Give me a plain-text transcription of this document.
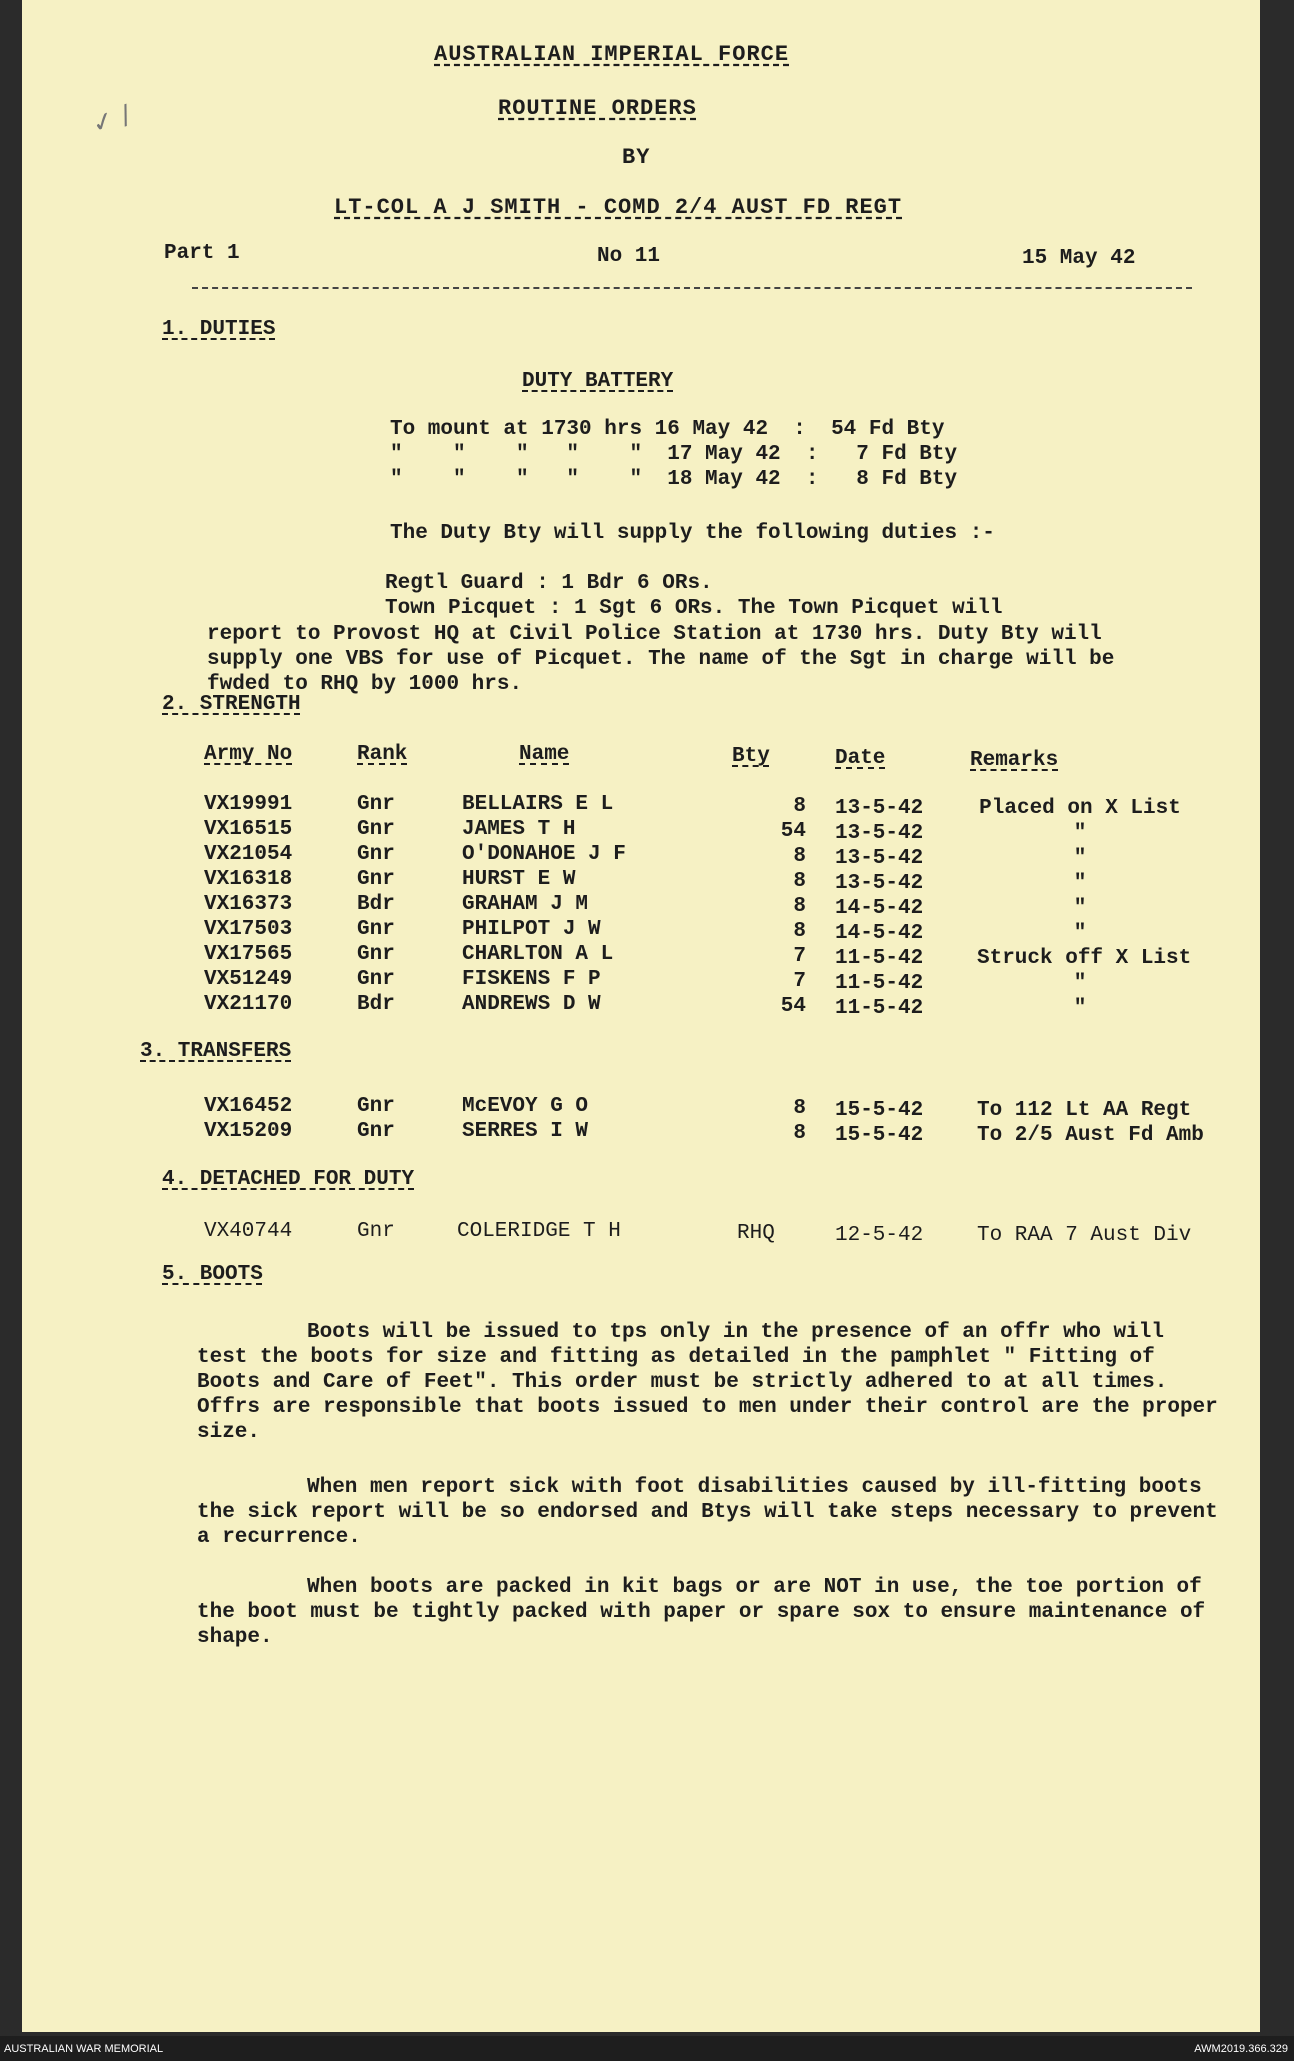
✓ /
AUSTRALIAN IMPERIAL FORCE
ROUTINE ORDERS
BY
LT-COL A J SMITH - COMD 2/4 AUST FD REGT
Part 1	No 11	15 May 42
1. DUTIES
DUTY BATTERY
To mount at 1730 hrs 16 May 42  :  54 Fd Bty
"    "    "   "    "  17 May 42  :   7 Fd Bty
"    "    "   "    "  18 May 42  :   8 Fd Bty
The Duty Bty will supply the following duties :-
Regtl Guard : 1 Bdr 6 ORs.
Town Picquet : 1 Sgt 6 ORs. The Town Picquet will
report to Provost HQ at Civil Police Station at 1730 hrs. Duty Bty will supply one VBS for use of Picquet. The name of the Sgt in charge will be fwded to RHQ by 1000 hrs.
2. STRENGTH
Army No	Rank	Name	Bty	Date	Remarks
VX19991	Gnr	BELLAIRS E L	8 13-5-42	Placed on X List
VX16515	Gnr	JAMES T H	54 13-5-42	"
VX21054	Gnr	O'DONAHOE J F	8 13-5-42	"
VX16318	Gnr	HURST E W	8 13-5-42	"
VX16373	Bdr	GRAHAM J M	8 14-5-42	"
VX17503	Gnr	PHILPOT J W	8 14-5-42	"
VX17565	Gnr	CHARLTON A L	7 11-5-42	Struck off X List
VX51249	Gnr	FISKENS F P	7 11-5-42	"
VX21170	Bdr	ANDREWS D W	54 11-5-42	"
3. TRANSFERS
VX16452	Gnr	McEVOY G O	8 15-5-42	To 112 Lt AA Regt
VX15209	Gnr	SERRES I W	8 15-5-42	To 2/5 Aust Fd Amb
4. DETACHED FOR DUTY
VX40744	Gnr	COLERIDGE T H	RHQ	12-5-42	To RAA 7 Aust Div
5. BOOTS
Boots will be issued to tps only in the presence of an offr who will test the boots for size and fitting as detailed in the pamphlet " Fitting of Boots and Care of Feet". This order must be strictly adhered to at all times. Offrs are responsible that boots issued to men under their control are the proper size.
When men report sick with foot disabilities caused by ill-fitting boots the sick report will be so endorsed and Btys will take steps necessary to prevent a recurrence.
When boots are packed in kit bags or are NOT in use, the toe portion of the boot must be tightly packed with paper or spare sox to ensure maintenance of shape.
AUSTRALIAN WAR MEMORIAL	AWM2019.366.329
